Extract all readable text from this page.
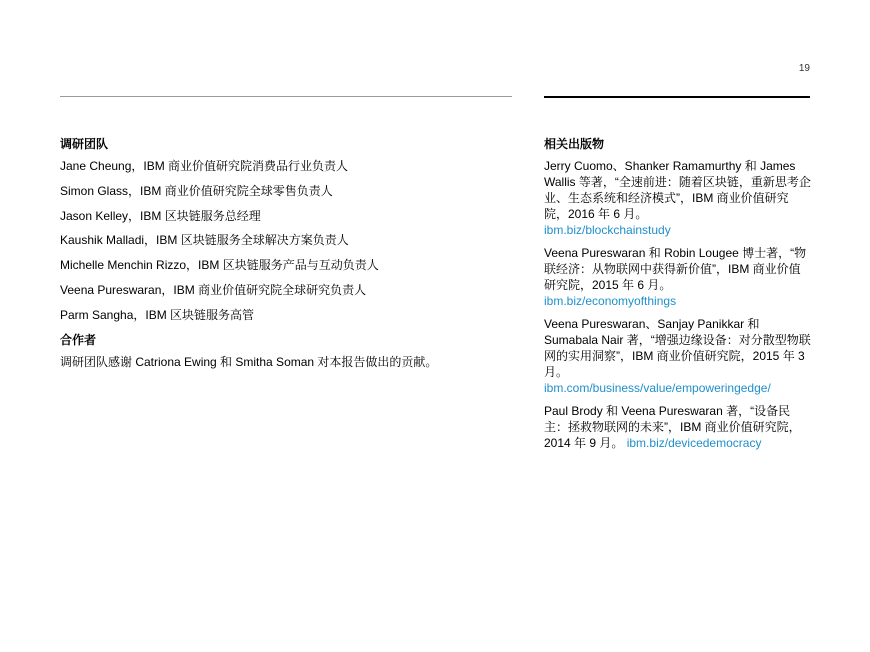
19
调研团队
Jane Cheung，IBM 商业价值研究院消费品行业负责人
Simon Glass，IBM 商业价值研究院全球零售负责人
Jason Kelley，IBM 区块链服务总经理
Kaushik Malladi，IBM 区块链服务全球解决方案负责人
Michelle Menchin Rizzo，IBM 区块链服务产品与互动负责人
Veena Pureswaran，IBM 商业价值研究院全球研究负责人
Parm Sangha，IBM 区块链服务高管
合作者

调研团队感谢 Catriona Ewing 和 Smitha Soman 对本报告做出的贡献。

相关出版物
Jerry Cuomo、Shanker Ramamurthy 和 James Wallis 等著，“全速前进：随着区块链，重新思考企业、生态系统和经济模式”，IBM 商业价值研究院，2016 年 6 月。
ibm.biz/blockchainstudy
Veena Pureswaran 和 Robin Lougee 博士著，“物联经济：从物联网中获得新价值”，IBM 商业价值研究院，2015 年 6 月。
ibm.biz/economyofthings
Veena Pureswaran、Sanjay Panikkar 和 Sumabala Nair 著，“增强边缘设备：对分散型物联网的实用洞察”，IBM 商业价值研究院，2015 年 3 月。
ibm.com/business/value/empoweringedge/
Paul Brody 和 Veena Pureswaran 著，“设备民主：拯救物联网的未来”，IBM 商业价值研究院，2014 年 9 月。 ibm.biz/devicedemocracy
